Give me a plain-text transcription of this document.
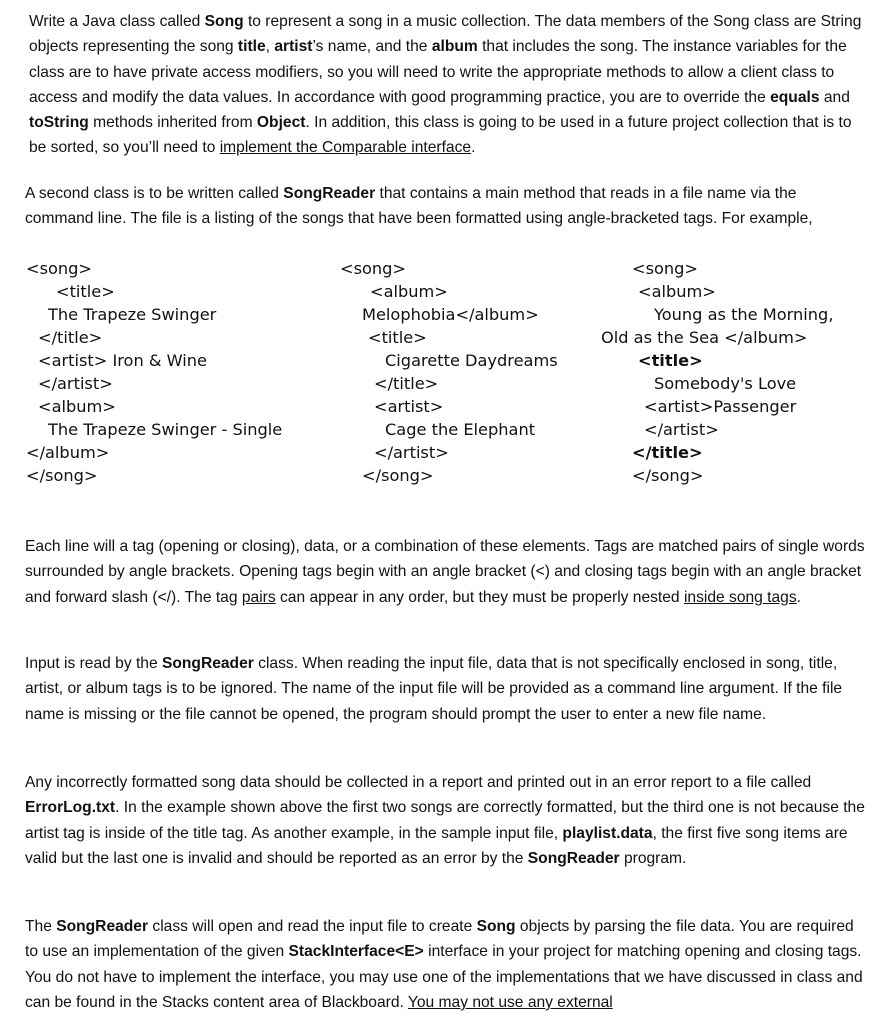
Write a Java class called Song to represent a song in a music collection. The data members of the Song class are String objects representing the song title, artist’s name, and the album that includes the song. The instance variables for the class are to have private access modifiers, so you will need to write the appropriate methods to allow a client class to access and modify the data values. In accordance with good programming practice, you are to override the equals and toString methods inherited from Object. In addition, this class is going to be used in a future project collection that is to be sorted, so you’ll need to implement the Comparable interface.

A second class is to be written called SongReader that contains a main method that reads in a file name via the command line. The file is a listing of the songs that have been formatted using angle-bracketed tags. For example,

<song>
<title>
The Trapeze Swinger
</title>
<artist> Iron & Wine
</artist>
<album>
The Trapeze Swinger - Single
</album>
</song>
<song>
<album>
Melophobia</album>
<title>
Cigarette Daydreams
</title>
<artist>
Cage the Elephant
</artist>
</song>
<song>
<album>
Young as the Morning,
Old as the Sea </album>
<title>
Somebody's Love
<artist>Passenger
</artist>
</title>
</song>

Each line will a tag (opening or closing), data, or a combination of these elements. Tags are matched pairs of single words surrounded by angle brackets. Opening tags begin with an angle bracket (<) and closing tags begin with an angle bracket and forward slash (</). The tag pairs can appear in any order, but they must be properly nested inside song tags.

Input is read by the SongReader class. When reading the input file, data that is not specifically enclosed in song, title, artist, or album tags is to be ignored. The name of the input file will be provided as a command line argument. If the file name is missing or the file cannot be opened, the program should prompt the user to enter a new file name.

Any incorrectly formatted song data should be collected in a report and printed out in an error report to a file called ErrorLog.txt. In the example shown above the first two songs are correctly formatted, but the third one is not because the artist tag is inside of the title tag. As another example, in the sample input file, playlist.data, the first five song items are valid but the last one is invalid and should be reported as an error by the SongReader program.

The SongReader class will open and read the input file to create Song objects by parsing the file data. You are required to use an implementation of the given StackInterface<E> interface in your project for matching opening and closing tags. You do not have to implement the interface, you may use one of the implementations that we have discussed in class and can be found in the Stacks content area of Blackboard. You may not use any external
